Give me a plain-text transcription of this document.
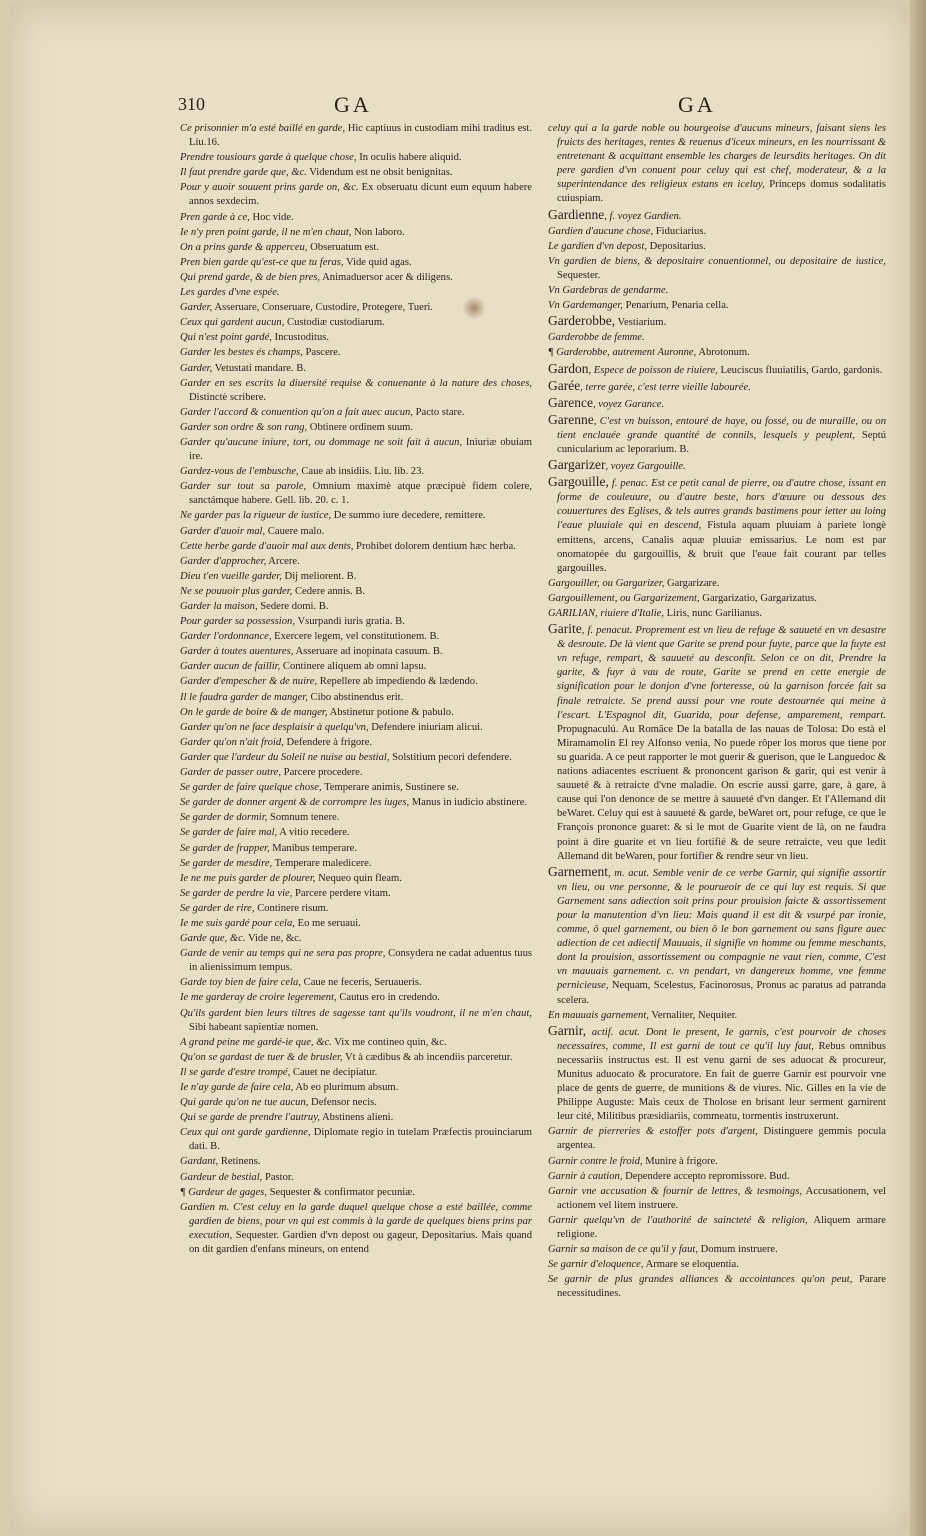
310	GA	GA

Ce prisonnier m'a esté baillé en garde, Hic captiuus in custodiam mihi traditus est. Liu.16.

Prendre tousiours garde à quelque chose, In oculis habere aliquid.

Il faut prendre garde que, &c. Videndum est ne obsit benignitas.

Pour y auoir souuent prins garde on, &c. Ex obseruatu dicunt eum equum habere annos sexdecim.

Pren garde à ce, Hoc vide.

Ie n'y pren point garde, il ne m'en chaut, Non laboro.

On a prins garde & apperceu, Obseruatum est.

Pren bien garde qu'est-ce que tu feras, Vide quid agas.

Qui prend garde, & de bien pres, Animaduersor acer & diligens.

Les gardes d'vne espée.

Garder, Asseruare, Conseruare, Custodire, Protegere, Tueri.

Ceux qui gardent aucun, Custodiæ custodiarum.

Qui n'est point gardé, Incustoditus.

Garder les bestes és champs, Pascere.

Garder, Vetustati mandare. B.

Garder en ses escrits la diuersité requise & conuenante à la nature des choses, Distinctè scribere.

Garder l'accord & conuention qu'on a fait auec aucun, Pacto stare.

Garder son ordre & son rang, Obtinere ordinem suum.

Garder qu'aucune iniure, tort, ou dommage ne soit fait à aucun, Iniuriæ obuiam ire.

Gardez-vous de l'embusche, Caue ab insidiis. Liu. lib. 23.

Garder sur tout sa parole, Omnium maximè atque præcipuè fidem colere, sanctámque habere. Gell. lib. 20. c. 1.

Ne garder pas la rigueur de iustice, De summo iure decedere, remittere.

Garder d'auoir mal, Cauere malo.

Cette herbe garde d'auoir mal aux dents, Prohibet dolorem dentium hæc herba.

Garder d'approcher, Arcere.

Dieu t'en vueille garder, Dij meliorent. B.

Ne se pouuoir plus garder, Cedere annis. B.

Garder la maison, Sedere domi. B.

Pour garder sa possession, Vsurpandi iuris gratia. B.

Garder l'ordonnance, Exercere legem, vel constitutionem. B.

Garder à toutes auentures, Asseruare ad inopinata casuum. B.

Garder aucun de faillir, Continere aliquem ab omni lapsu.

Garder d'empescher & de nuire, Repellere ab impediendo & lædendo.

Il le faudra garder de manger, Cibo abstinendus erit.

On le garde de boire & de manger, Abstinetur potione & pabulo.

Garder qu'on ne face desplaisir à quelqu'vn, Defendere iniuriam alicui.

Garder qu'on n'ait froid, Defendere à frigore.

Garder que l'ardeur du Soleil ne nuise au bestial, Solstitium pecori defendere.

Garder de passer outre, Parcere procedere.

Se garder de faire quelque chose, Temperare animis, Sustinere se.

Se garder de donner argent & de corrompre les iuges, Manus in iudicio abstinere.

Se garder de dormir, Somnum tenere.

Se garder de faire mal, A vitio recedere.

Se garder de frapper, Manibus temperare.

Se garder de mesdire, Temperare maledicere.

Ie ne me puis garder de plourer, Nequeo quin fleam.

Se garder de perdre la vie, Parcere perdere vitam.

Se garder de rire, Continere risum.

Ie me suis gardé pour cela, Eo me seruaui.

Garde que, &c. Vide ne, &c.

Garde de venir au temps qui ne sera pas propre, Consydera ne cadat aduentus tuus in alienissimum tempus.

Garde toy bien de faire cela, Caue ne feceris, Seruaueris.

Ie me garderay de croire legerement, Cautus ero in credendo.

Qu'ils gardent bien leurs tiltres de sagesse tant qu'ils voudront, il ne m'en chaut, Sibi habeant sapientiæ nomen.

A grand peine me gardé-ie que, &c. Vix me contineo quin, &c.

Qu'on se gardast de tuer & de brusler, Vt à cædibus & ab incendiis parceretur.

Il se garde d'estre trompé, Cauet ne decipiatur.

Ie n'ay garde de faire cela, Ab eo plurimum absum.

Qui garde qu'on ne tue aucun, Defensor necis.

Qui se garde de prendre l'autruy, Abstinens alieni.

Ceux qui ont garde gardienne, Diplomate regio in tutelam Præfectis prouinciarum dati. B.

Gardant, Retinens.

Gardeur de bestial, Pastor.

¶ Gardeur de gages, Sequester & confirmator pecuniæ.

Gardien m. C'est celuy en la garde duquel quelque chose a esté baillée, comme gardien de biens, pour vn qui est commis à la garde de quelques biens prins par execution, Sequester. Gardien d'vn depost ou gageur, Depositarius. Mais quand on dit gardien d'enfans mineurs, on entend

celuy qui a la garde noble ou bourgeoise d'aucuns mineurs, faisant siens les fruicts des heritages, rentes & reuenus d'iceux mineurs, en les nourrissant & entretenant & acquittant ensemble les charges de leursdits heritages. On dit pere gardien d'vn conuent pour celuy qui est chef, moderateur, & a la superintendance des religieux estans en iceluy, Princeps domus sodalitatis cuiuspiam.

Gardienne, f. voyez Gardien.

Gardien d'aucune chose, Fiduciarius.

Le gardien d'vn depost, Depositarius.

Vn gardien de biens, & depositaire conuentionnel, ou depositaire de iustice, Sequester.

Vn Gardebras de gendarme.

Vn Gardemanger, Penarium, Penaria cella.

Garderobbe, Vestiarium.

Garderobbe de femme.

¶ Garderobbe, autrement Auronne, Abrotonum.

Gardon, Espece de poisson de riuiere, Leuciscus fluuiatilis, Gardo, gardonis.

Garée, terre garée, c'est terre vieille labourée.

Garence, voyez Garance.

Garenne, C'est vn buisson, entouré de haye, ou fossé, ou de muraille, ou on tient enclauée grande quantité de connils, lesquels y peuplent, Septú cunicularium ac leporarium. B.

Gargarizer, voyez Gargouille.

Gargouille, f. penac. Est ce petit canal de pierre, ou d'autre chose, issant en forme de couleuure, ou d'autre beste, hors d'œuure ou dessous des couuertures des Eglises, & tels autres grands bastimens pour ietter au loing l'eaue pluuiale qui en descend, Fistula aquam pluuiam à pariete longè emittens, arcens, Canalis aquæ pluuiæ emissarius. Le nom est par onomatopée du gargouillis, & bruit que l'eaue fait courant par telles gargouilles.

Gargouiller, ou Gargarizer, Gargarizare.

Gargouillement, ou Gargarizement, Gargarizatio, Gargarizatus.

GARILIAN, riuiere d'Italie, Liris, nunc Garilianus.

Garite, f. penacut. Proprement est vn lieu de refuge & sauueté en vn desastre & desroute. De là vient que Garite se prend pour fuyte, parce que la fuyte est vn refuge, rempart, & sauueté au desconfit. Selon ce on dit, Prendre la garite, & fuyr à vau de route, Garite se prend en cette energie de signification pour le donjon d'vne forteresse, où la garnison forcée fait sa finale retraicte. Se prend aussi pour vne route destournée qui meine à l'escart. L'Espagnol dit, Guarida, pour defense, amparement, rempart. Propugnaculú. Au Romãce De la batalla de las nauas de Tolosa: Do està el Miramamolin El rey Alfonso venia, No puede rôper los moros que tiene por su guarida. A ce peut rapporter le mot guerir & guerison, que le Languedoc & nations adiacentes escriuent & prononcent garison & garir, qui est venir à sauueté & à retraicte d'vne maladie. On escrie aussi garre, gare, à gare, à cause qui l'on denonce de se mettre à sauueté d'vn danger. Et l'Allemand dit beWaret. Celuy qui est à sauueté & garde, beWaret ort, pour refuge, ce que le François prononce guaret: & si le mot de Guarite vient de là, on ne faudra point à dire guarite et vn lieu fortifié & de seure retraicte, veu que ledit Allemand dit beWaren, pour fortifier & rendre seur vn lieu.

Garnement, m. acut. Semble venir de ce verbe Garnir, qui signifie assortir vn lieu, ou vne personne, & le pourueoir de ce qui luy est requis. Si que Garnement sans adiection soit prins pour prouision faicte & assortissement pour la manutention d'vn lieu: Mais quand il est dit & vsurpé par ironie, comme, ô quel garnement, ou bien ô le bon garnement ou sans figure auec adiection de cet adiectif Mauuais, il signifie vn homme ou femme meschants, dont la prouision, assortissement ou compagnie ne vaut rien, comme, C'est vn mauuais garnement. c. vn pendart, vn dangereux homme, vne femme pernicieuse, Nequam, Scelestus, Facinorosus, Pronus ac paratus ad patranda scelera.

En mauuais garnement, Vernaliter, Nequiter.

Garnir, actif. acut. Dont le present, Ie garnis, c'est pourvoir de choses necessaires, comme, Il est garni de tout ce qu'il luy faut, Rebus omnibus necessariis instructus est. Il est venu garni de ses aduocat & procureur, Munitus aduocato & procuratore. En fait de guerre Garnir est pourvoir vne place de gents de guerre, de munitions & de viures. Nic. Gilles en la vie de Philippe Auguste: Mais ceux de Tholose en brisant leur serment garnirent leur cité, Militibus præsidiariis, commeatu, tormentis instruxerunt.

Garnir de pierreries & estoffer pots d'argent, Distinguere gemmis pocula argentea.

Garnir contre le froid, Munire à frigore.

Garnir à caution, Dependere accepto repromissore. Bud.

Garnir vne accusation & fournir de lettres, & tesmoings, Accusationem, vel actionem vel litem instruere.

Garnir quelqu'vn de l'authorité de saincteté & religion, Aliquem armare religione.

Garnir sa maison de ce qu'il y faut, Domum instruere.

Se garnir d'eloquence, Armare se eloquentia.

Se garnir de plus grandes alliances & accointances qu'on peut, Parare necessitudines.
